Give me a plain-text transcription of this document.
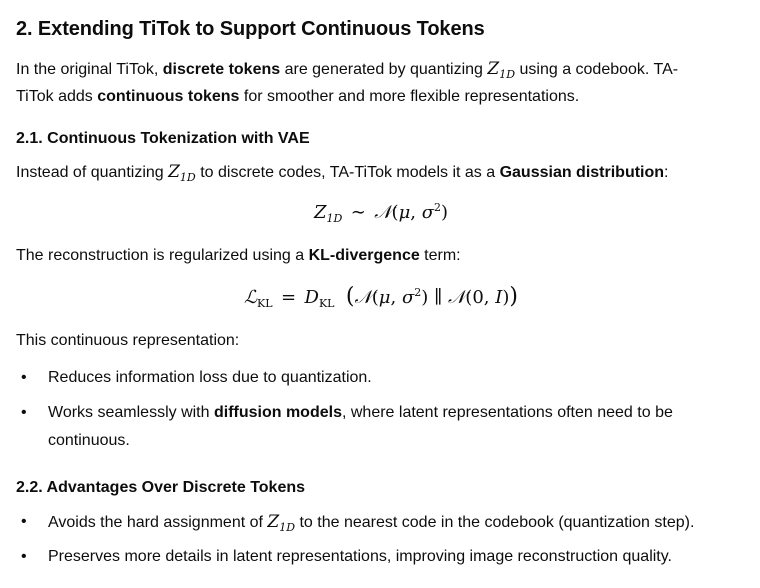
2. Extending TiTok to Support Continuous Tokens
In the original TiTok, discrete tokens are generated by quantizing $Z_{1D}$ using a codebook. TA-
TiTok adds continuous tokens for smoother and more flexible representations.
2.1. Continuous Tokenization with VAE
Instead of quantizing $Z_{1D}$ to discrete codes, TA-TiTok models it as a Gaussian distribution:
$Z_{1D}$ ∼ 𝒩(μ, $\sigma^2$)
The reconstruction is regularized using a KL-divergence term:
ℒ$_{KL}$ = $D_{KL}$  (𝒩(μ, $\sigma^2$) ∥ 𝒩(0, I))
This continuous representation:
• Reduces information loss due to quantization.
• Works seamlessly with diffusion models, where latent representations often need to be
continuous.
2.2. Advantages Over Discrete Tokens
• Avoids the hard assignment of $Z_{1D}$ to the nearest code in the codebook (quantization step).
• Preserves more details in latent representations, improving image reconstruction quality.
